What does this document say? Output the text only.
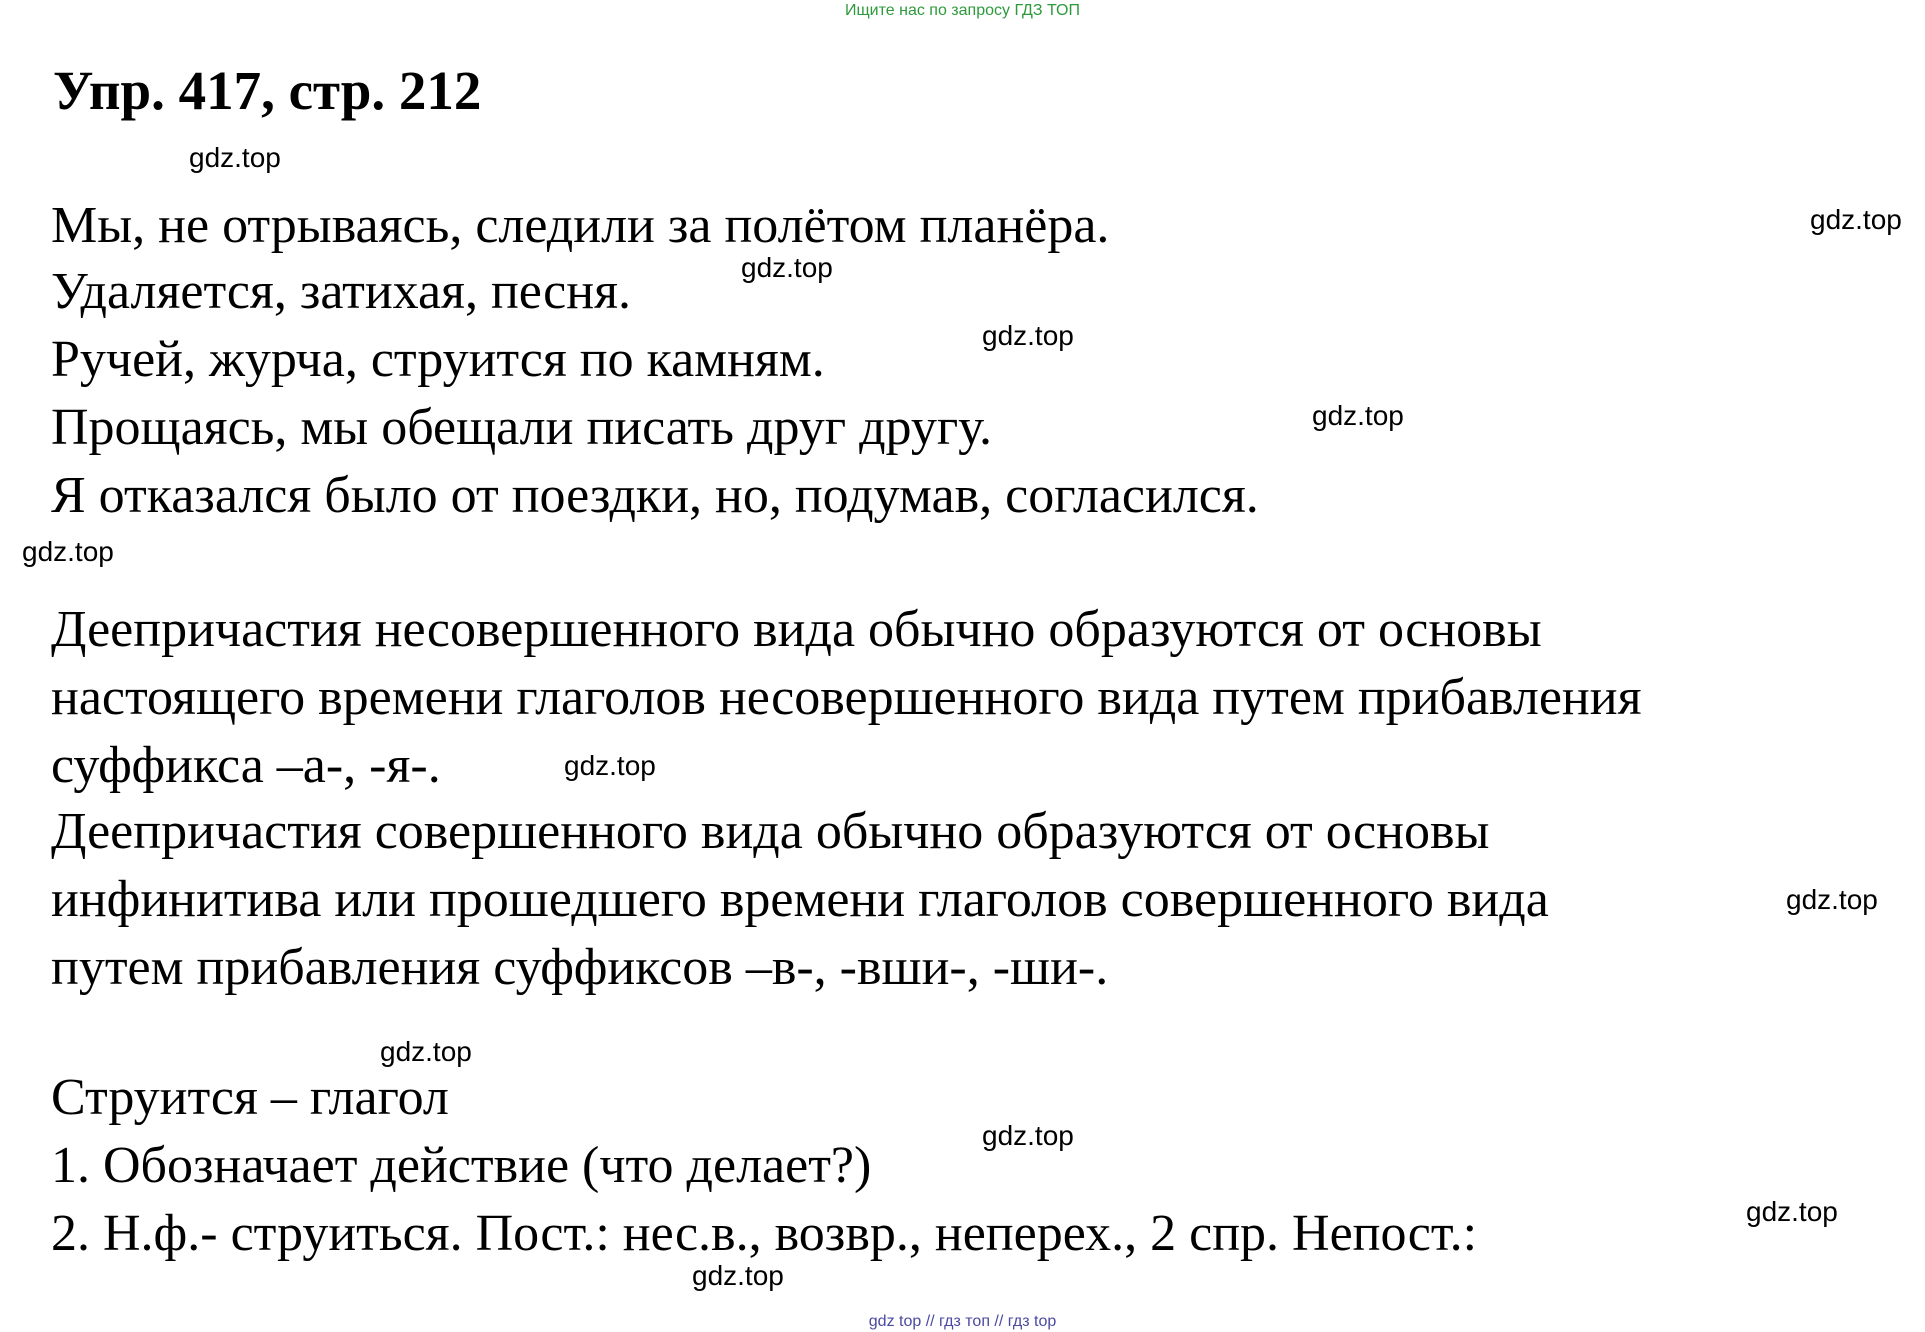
Ищите нас по запросу ГДЗ ТОП
Упр. 417, стр. 212
gdz.top
gdz.top
gdz.top
gdz.top
gdz.top
gdz.top
gdz.top
gdz.top
gdz.top
gdz.top
gdz.top
gdz.top
Мы, не отрываясь, следили за полётом планёра.
Удаляется, затихая, песня.
Ручей, журча, струится по камням.
Прощаясь, мы обещали писать друг другу.
Я отказался было от поездки, но, подумав, согласился.
Деепричастия несовершенного вида обычно образуются от основы
настоящего времени глаголов несовершенного вида путем прибавления
суффикса –а-, -я-.
Деепричастия совершенного вида обычно образуются от основы
инфинитива или прошедшего времени глаголов совершенного вида
путем прибавления суффиксов –в-, -вши-, -ши-.
Струится – глагол
1. Обозначает действие (что делает?)
2. Н.ф.- струиться. Пост.: нес.в., возвр., неперех., 2 спр. Непост.:
gdz top // гдз топ // гдз top
